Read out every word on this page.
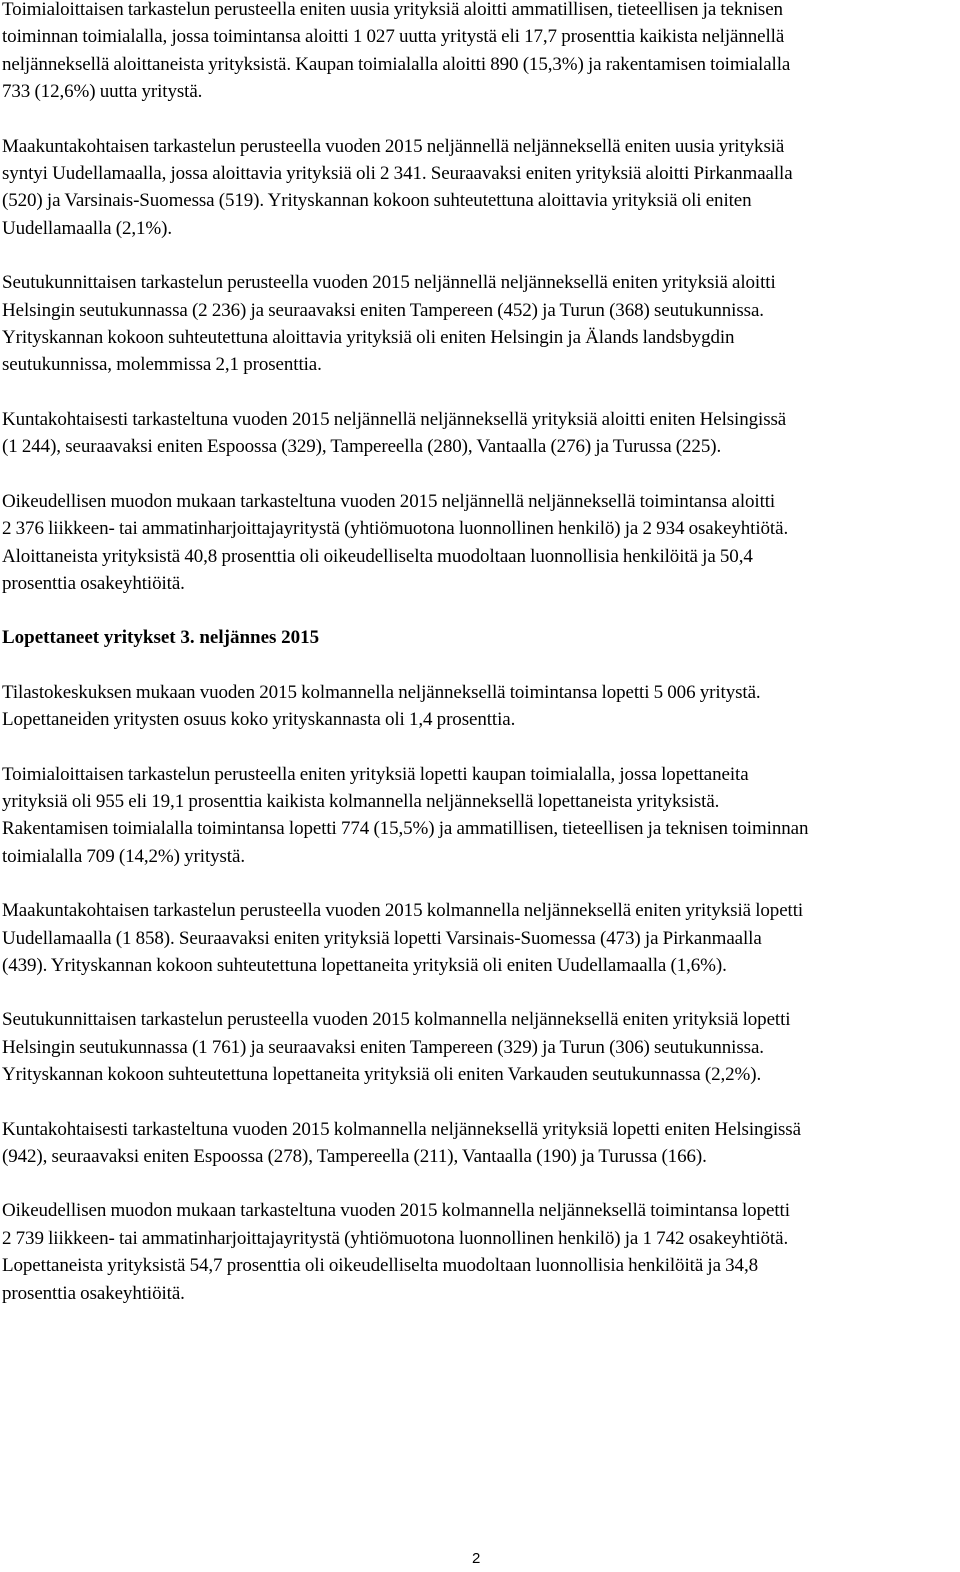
Toimialoittaisen tarkastelun perusteella eniten uusia yrityksiä aloitti ammatillisen, tieteellisen ja teknisen
toiminnan toimialalla, jossa toimintansa aloitti 1 027 uutta yritystä eli 17,7 prosenttia kaikista neljännellä
neljänneksellä aloittaneista yrityksistä. Kaupan toimialalla aloitti 890 (15,3%) ja rakentamisen toimialalla
733 (12,6%) uutta yritystä.

Maakuntakohtaisen tarkastelun perusteella vuoden 2015 neljännellä neljänneksellä eniten uusia yrityksiä
syntyi Uudellamaalla, jossa aloittavia yrityksiä oli 2 341. Seuraavaksi eniten yrityksiä aloitti Pirkanmaalla
(520) ja Varsinais-Suomessa (519). Yrityskannan kokoon suhteutettuna aloittavia yrityksiä oli eniten
Uudellamaalla (2,1%).

Seutukunnittaisen tarkastelun perusteella vuoden 2015 neljännellä neljänneksellä eniten yrityksiä aloitti
Helsingin seutukunnassa (2 236) ja seuraavaksi eniten Tampereen (452) ja Turun (368) seutukunnissa.
Yrityskannan kokoon suhteutettuna aloittavia yrityksiä oli eniten Helsingin ja Älands landsbygdin
seutukunnissa, molemmissa 2,1 prosenttia.

Kuntakohtaisesti tarkasteltuna vuoden 2015 neljännellä neljänneksellä yrityksiä aloitti eniten Helsingissä
(1 244), seuraavaksi eniten Espoossa (329), Tampereella (280), Vantaalla (276) ja Turussa (225).

Oikeudellisen muodon mukaan tarkasteltuna vuoden 2015 neljännellä neljänneksellä toimintansa aloitti
2 376 liikkeen- tai ammatinharjoittajayritystä (yhtiömuotona luonnollinen henkilö) ja 2 934 osakeyhtiötä.
Aloittaneista yrityksistä 40,8 prosenttia oli oikeudelliselta muodoltaan luonnollisia henkilöitä ja 50,4
prosenttia osakeyhtiöitä.

Lopettaneet yritykset 3. neljännes 2015

Tilastokeskuksen mukaan vuoden 2015 kolmannella neljänneksellä toimintansa lopetti 5 006 yritystä.
Lopettaneiden yritysten osuus koko yrityskannasta oli 1,4 prosenttia.

Toimialoittaisen tarkastelun perusteella eniten yrityksiä lopetti kaupan toimialalla, jossa lopettaneita
yrityksiä oli 955 eli 19,1 prosenttia kaikista kolmannella neljänneksellä lopettaneista yrityksistä.
Rakentamisen toimialalla toimintansa lopetti 774 (15,5%) ja ammatillisen, tieteellisen ja teknisen toiminnan
toimialalla 709 (14,2%) yritystä.

Maakuntakohtaisen tarkastelun perusteella vuoden 2015 kolmannella neljänneksellä eniten yrityksiä lopetti
Uudellamaalla (1 858). Seuraavaksi eniten yrityksiä lopetti Varsinais-Suomessa (473) ja Pirkanmaalla
(439). Yrityskannan kokoon suhteutettuna lopettaneita yrityksiä oli eniten Uudellamaalla (1,6%).

Seutukunnittaisen tarkastelun perusteella vuoden 2015 kolmannella neljänneksellä eniten yrityksiä lopetti
Helsingin seutukunnassa (1 761) ja seuraavaksi eniten Tampereen (329) ja Turun (306) seutukunnissa.
Yrityskannan kokoon suhteutettuna lopettaneita yrityksiä oli eniten Varkauden seutukunnassa (2,2%).

Kuntakohtaisesti tarkasteltuna vuoden 2015 kolmannella neljänneksellä yrityksiä lopetti eniten Helsingissä
(942), seuraavaksi eniten Espoossa (278), Tampereella (211), Vantaalla (190) ja Turussa (166).

Oikeudellisen muodon mukaan tarkasteltuna vuoden 2015 kolmannella neljänneksellä toimintansa lopetti
2 739 liikkeen- tai ammatinharjoittajayritystä (yhtiömuotona luonnollinen henkilö) ja 1 742 osakeyhtiötä.
Lopettaneista yrityksistä 54,7 prosenttia oli oikeudelliselta muodoltaan luonnollisia henkilöitä ja 34,8
prosenttia osakeyhtiöitä.

2
